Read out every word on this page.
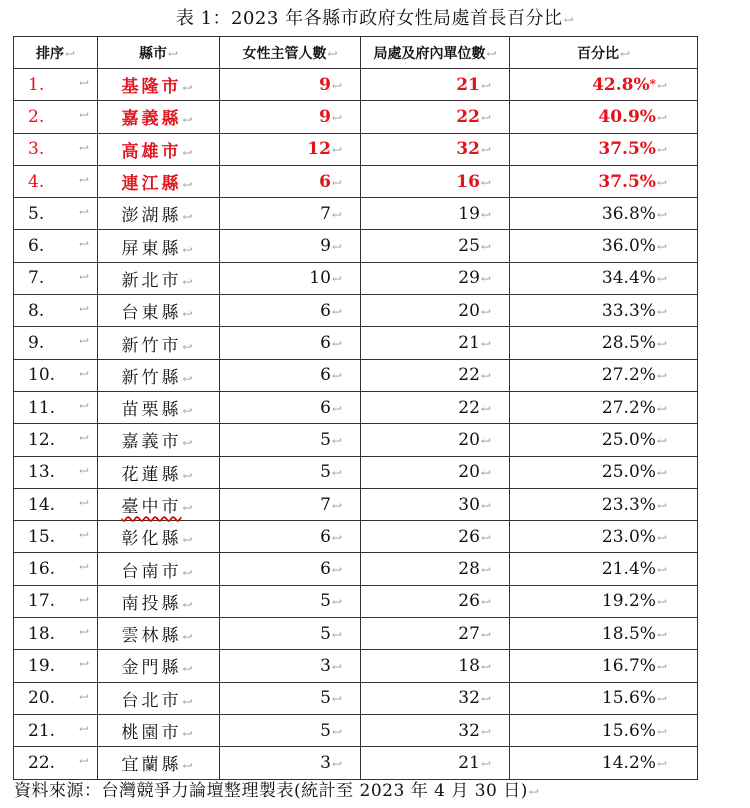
表 1：2023 年各縣市政府女性局處首長百分比↩
排序↩	縣市↩	女性主管人數↩	局處及府內單位數↩	百分比↩
1. ↩	基隆市↩	9↩	21↩	42.8%*↩
2. ↩	嘉義縣↩	9↩	22↩	40.9%↩
3. ↩	高雄市↩	12↩	32↩	37.5%↩
4. ↩	連江縣↩	6↩	16↩	37.5%↩
5. ↩	澎湖縣↩	7↩	19↩	36.8%↩
6. ↩	屏東縣↩	9↩	25↩	36.0%↩
7. ↩	新北市↩	10↩	29↩	34.4%↩
8. ↩	台東縣↩	6↩	20↩	33.3%↩
9. ↩	新竹市↩	6↩	21↩	28.5%↩
10. ↩	新竹縣↩	6↩	22↩	27.2%↩
11. ↩	苗栗縣↩	6↩	22↩	27.2%↩
12. ↩	嘉義市↩	5↩	20↩	25.0%↩
13. ↩	花蓮縣↩	5↩	20↩	25.0%↩
14. ↩	臺中市↩	7↩	30↩	23.3%↩
15. ↩	彰化縣↩	6↩	26↩	23.0%↩
16. ↩	台南市↩	6↩	28↩	21.4%↩
17. ↩	南投縣↩	5↩	26↩	19.2%↩
18. ↩	雲林縣↩	5↩	27↩	18.5%↩
19. ↩	金門縣↩	3↩	18↩	16.7%↩
20. ↩	台北市↩	5↩	32↩	15.6%↩
21. ↩	桃園市↩	5↩	32↩	15.6%↩
22. ↩	宜蘭縣↩	3↩	21↩	14.2%↩
資料來源：台灣競爭力論壇整理製表(統計至 2023 年 4 月 30 日)↩
